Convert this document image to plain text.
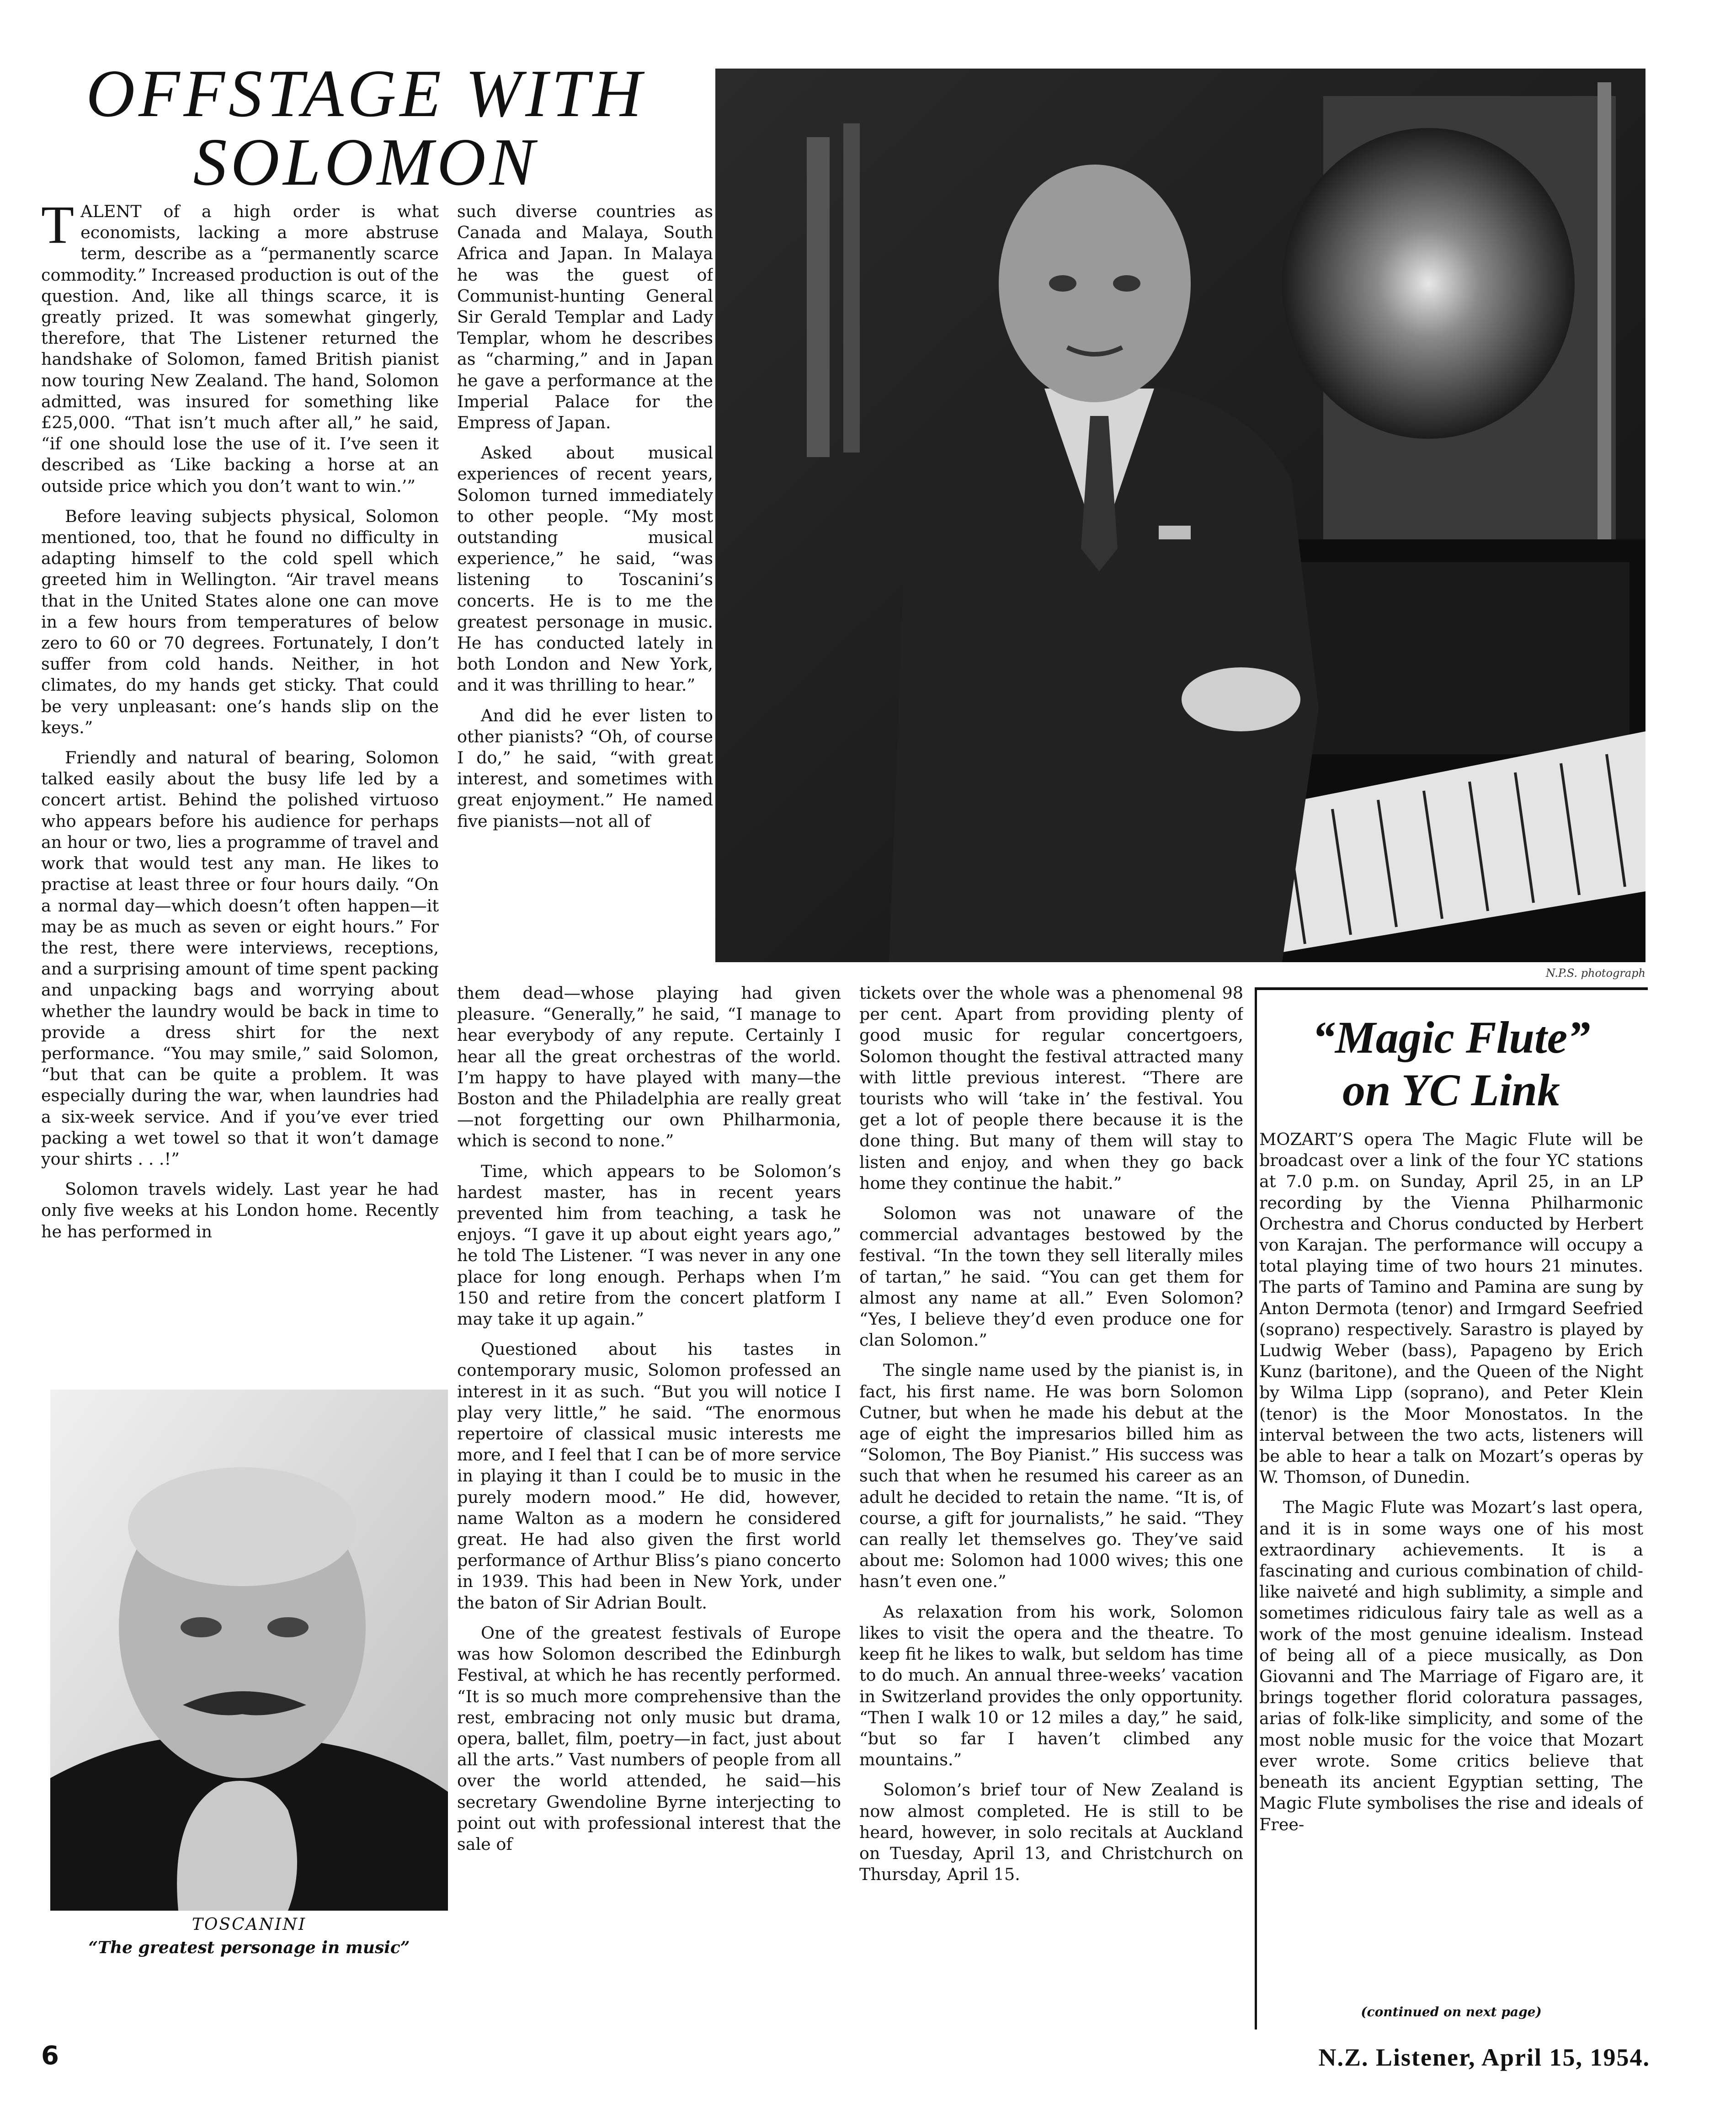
OFFSTAGE WITH
SOLOMON

TALENT of a high order is what economists, lacking a more abstruse term, describe as a “permanently scarce commodity.” Increased production is out of the question. And, like all things scarce, it is greatly prized. It was somewhat gingerly, therefore, that The Listener returned the handshake of Solomon, famed British pianist now touring New Zealand. The hand, Solomon admitted, was insured for something like £25,000. “That isn’t much after all,” he said, “if one should lose the use of it. I’ve seen it described as ‘Like backing a horse at an outside price which you don’t want to win.’”

Before leaving subjects physical, Solomon mentioned, too, that he found no difficulty in adapting himself to the cold spell which greeted him in Wellington. “Air travel means that in the United States alone one can move in a few hours from temperatures of below zero to 60 or 70 degrees. Fortunately, I don’t suffer from cold hands. Neither, in hot climates, do my hands get sticky. That could be very unpleasant: one’s hands slip on the keys.”

Friendly and natural of bearing, Solomon talked easily about the busy life led by a concert artist. Behind the polished virtuoso who appears before his audience for perhaps an hour or two, lies a programme of travel and work that would test any man. He likes to practise at least three or four hours daily. “On a normal day—which doesn’t often happen—it may be as much as seven or eight hours.” For the rest, there were interviews, receptions, and a surprising amount of time spent packing and unpacking bags and worrying about whether the laundry would be back in time to provide a dress shirt for the next performance. “You may smile,” said Solomon, “but that can be quite a problem. It was especially during the war, when laundries had a six-week service. And if you’ve ever tried packing a wet towel so that it won’t damage your shirts . . .!”

Solomon travels widely. Last year he had only five weeks at his London home. Recently he has performed in

such diverse countries as Canada and Malaya, South Africa and Japan. In Malaya he was the guest of Communist-hunting General Sir Gerald Templar and Lady Templar, whom he describes as “charming,” and in Japan he gave a performance at the Imperial Palace for the Empress of Japan.

Asked about musical experiences of recent years, Solomon turned immediately to other people. “My most outstanding musical experience,” he said, “was listening to Toscanini’s concerts. He is to me the greatest personage in music. He has conducted lately in both London and New York, and it was thrilling to hear.”

And did he ever listen to other pianists? “Oh, of course I do,” he said, “with great interest, and sometimes with great enjoyment.” He named five pianists—not all of

N.P.S. photograph
TOSCANINI
“The greatest personage in music”

them dead—whose playing had given pleasure. “Generally,” he said, “I manage to hear everybody of any repute. Certainly I hear all the great orchestras of the world. I’m happy to have played with many—the Boston and the Philadelphia are really great—not forgetting our own Philharmonia, which is second to none.”

Time, which appears to be Solomon’s hardest master, has in recent years prevented him from teaching, a task he enjoys. “I gave it up about eight years ago,” he told The Listener. “I was never in any one place for long enough. Perhaps when I’m 150 and retire from the concert platform I may take it up again.”

Questioned about his tastes in contemporary music, Solomon professed an interest in it as such. “But you will notice I play very little,” he said. “The enormous repertoire of classical music interests me more, and I feel that I can be of more service in playing it than I could be to music in the purely modern mood.” He did, however, name Walton as a modern he considered great. He had also given the first world performance of Arthur Bliss’s piano concerto in 1939. This had been in New York, under the baton of Sir Adrian Boult.

One of the greatest festivals of Europe was how Solomon described the Edinburgh Festival, at which he has recently performed. “It is so much more comprehensive than the rest, embracing not only music but drama, opera, ballet, film, poetry—in fact, just about all the arts.” Vast numbers of people from all over the world attended, he said—his secretary Gwendoline Byrne interjecting to point out with professional interest that the sale of

tickets over the whole was a phenomenal 98 per cent. Apart from providing plenty of good music for regular concertgoers, Solomon thought the festival attracted many with little previous interest. “There are tourists who will ‘take in’ the festival. You get a lot of people there because it is the done thing. But many of them will stay to listen and enjoy, and when they go back home they continue the habit.”

Solomon was not unaware of the commercial advantages bestowed by the festival. “In the town they sell literally miles of tartan,” he said. “You can get them for almost any name at all.” Even Solomon? “Yes, I believe they’d even produce one for clan Solomon.”

The single name used by the pianist is, in fact, his first name. He was born Solomon Cutner, but when he made his debut at the age of eight the impresarios billed him as “Solomon, The Boy Pianist.” His success was such that when he resumed his career as an adult he decided to retain the name. “It is, of course, a gift for journalists,” he said. “They can really let themselves go. They’ve said about me: Solomon had 1000 wives; this one hasn’t even one.”

As relaxation from his work, Solomon likes to visit the opera and the theatre. To keep fit he likes to walk, but seldom has time to do much. An annual three-weeks’ vacation in Switzerland provides the only opportunity. “Then I walk 10 or 12 miles a day,” he said, “but so far I haven’t climbed any mountains.”

Solomon’s brief tour of New Zealand is now almost completed. He is still to be heard, however, in solo recitals at Auckland on Tuesday, April 13, and Christchurch on Thursday, April 15.

“Magic Flute”
on YC Link

MOZART’S opera The Magic Flute will be broadcast over a link of the four YC stations at 7.0 p.m. on Sunday, April 25, in an LP recording by the Vienna Philharmonic Orchestra and Chorus conducted by Herbert von Karajan. The performance will occupy a total playing time of two hours 21 minutes. The parts of Tamino and Pamina are sung by Anton Dermota (tenor) and Irmgard Seefried (soprano) respectively. Sarastro is played by Ludwig Weber (bass), Papageno by Erich Kunz (baritone), and the Queen of the Night by Wilma Lipp (soprano), and Peter Klein (tenor) is the Moor Monostatos. In the interval between the two acts, listeners will be able to hear a talk on Mozart’s operas by W. Thomson, of Dunedin.

The Magic Flute was Mozart’s last opera, and it is in some ways one of his most extraordinary achievements. It is a fascinating and curious combination of child-like naiveté and high sublimity, a simple and sometimes ridiculous fairy tale as well as a work of the most genuine idealism. Instead of being all of a piece musically, as Don Giovanni and The Marriage of Figaro are, it brings together florid coloratura passages, arias of folk-like simplicity, and some of the most noble music for the voice that Mozart ever wrote. Some critics believe that beneath its ancient Egyptian setting, The Magic Flute symbolises the rise and ideals of Free-

(continued on next page)
6	N.Z. Listener, April 15, 1954.
